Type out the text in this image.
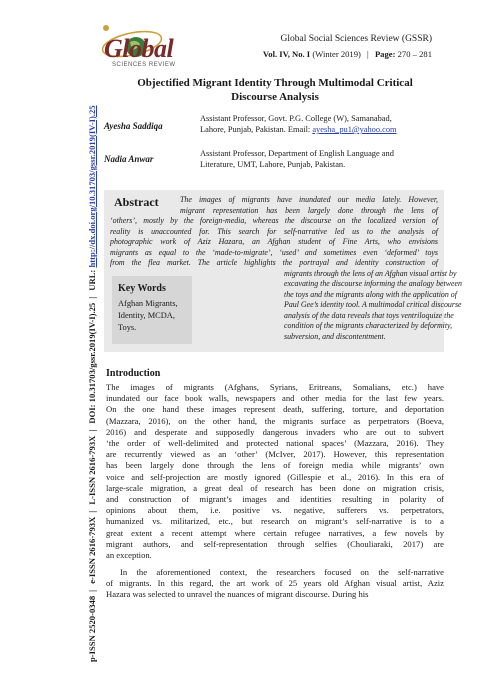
p-ISSN 2520-0348| e-ISSN 2616-793X| L-ISSN 2616-793X| DOI: 10.31703/gssr.2019(IV-I).25| URL: http://dx.doi.org/10.31703/gssr.2019(IV-I).25
Global
SCIENCES REVIEW
Global Social Sciences Review (GSSR)
Vol. IV, No. I (Winter 2019) | Page: 270 – 281
Objectified Migrant Identity Through Multimodal Critical
Discourse Analysis
Ayesha Saddiqa
Assistant Professor, Govt. P.G. College (W), Samanabad,
Lahore, Punjab, Pakistan. Email: ayesha_pu1@yahoo.com
Nadia Anwar
Assistant Professor, Department of English Language and
Literature, UMT, Lahore, Punjab, Pakistan.
Abstract	The images of migrants have inundated our media lately. However,
migrant representation has been largely done through the lens of
‘others’, mostly by the foreign-media, whereas the discourse on the localized version of
reality is unaccounted for. This search for self-narrative led us to the analysis of
photographic work of Aziz Hazara, an Afghan student of Fine Arts, who envisions
migrants as equal to the ‘made-to-migrate’, ‘used’ and sometimes even ‘deformed’ toys
from the flea market. The article highlights the portrayal and identity construction of
migrants through the lens of an Afghan visual artist by
excavating the discourse informing the analogy between
the toys and the migrants along with the application of
Paul Gee’s identity tool. A multimodal critical discourse
analysis of the data reveals that toys ventriloquize the
condition of the migrants characterized by deformity,
subversion, and discontentment.
Key Words
Afghan Migrants,
Identity, MCDA,
Toys.
Introduction
The images of migrants (Afghans, Syrians, Eritreans, Somalians, etc.) have
inundated our face book walls, newspapers and other media for the last few years.
On the one hand these images represent death, suffering, torture, and deportation
(Mazzara, 2016), on the other hand, the migrants surface as perpetrators (Boeva,
2016) and desperate and supposedly dangerous invaders who are out to subvert
‘the order of well-delimited and protected national spaces’ (Mazzara, 2016). They
are recurrently viewed as an ‘other’ (McIver, 2017). However, this representation
has been largely done through the lens of foreign media while migrants’ own
voice and self-projection are mostly ignored (Gillespie et al., 2016). In this era of
large-scale migration, a great deal of research has been done on migration crisis,
and construction of migrant’s images and identities resulting in polarity of
opinions about them, i.e. positive vs. negative, sufferers vs. perpetrators,
humanized vs. militarized, etc., but research on migrant’s self-narrative is to a
great extent a recent attempt where certain refugee narratives, a few novels by
migrant authors, and self-representation through selfies (Chouliaraki, 2017) are
an exception.
In the aforementioned context, the researchers focused on the self-narrative
of migrants. In this regard, the art work of 25 years old Afghan visual artist, Aziz
Hazara was selected to unravel the nuances of migrant discourse. During his
